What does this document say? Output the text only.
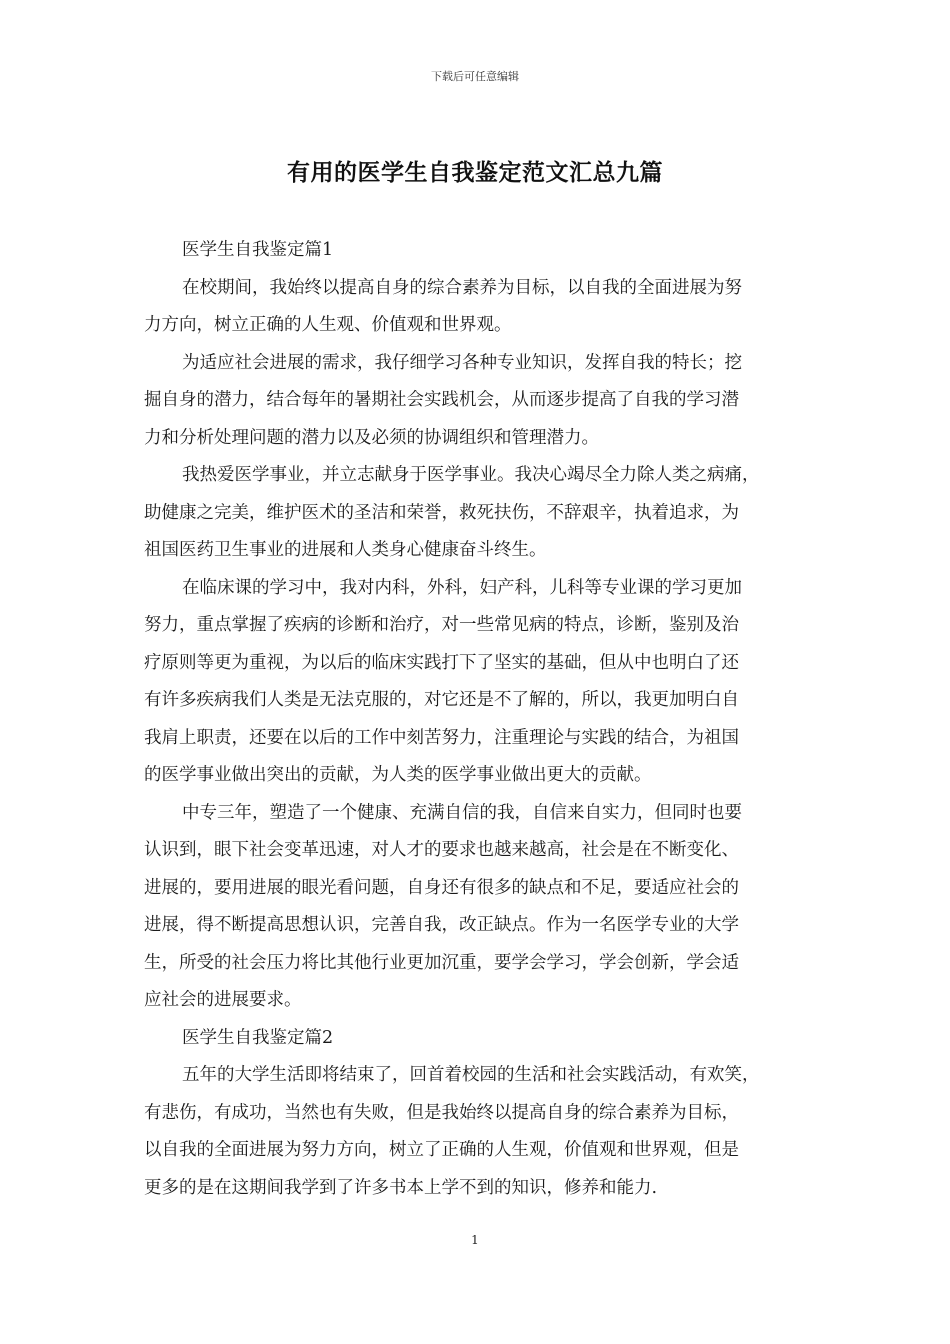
下载后可任意编辑
有用的医学生自我鉴定范文汇总九篇
医学生自我鉴定篇1
在校期间，我始终以提高自身的综合素养为目标，以自我的全面进展为努
力方向，树立正确的人生观、价值观和世界观。
为适应社会进展的需求，我仔细学习各种专业知识，发挥自我的特长；挖
掘自身的潜力，结合每年的暑期社会实践机会，从而逐步提高了自我的学习潜
力和分析处理问题的潜力以及必须的协调组织和管理潜力。
我热爱医学事业，并立志献身于医学事业。我决心竭尽全力除人类之病痛，
助健康之完美，维护医术的圣洁和荣誉，救死扶伤，不辞艰辛，执着追求，为
祖国医药卫生事业的进展和人类身心健康奋斗终生。
在临床课的学习中，我对内科，外科，妇产科，儿科等专业课的学习更加
努力，重点掌握了疾病的诊断和治疗，对一些常见病的特点，诊断，鉴别及治
疗原则等更为重视，为以后的临床实践打下了坚实的基础，但从中也明白了还
有许多疾病我们人类是无法克服的，对它还是不了解的，所以，我更加明白自
我肩上职责，还要在以后的工作中刻苦努力，注重理论与实践的结合，为祖国
的医学事业做出突出的贡献，为人类的医学事业做出更大的贡献。
中专三年，塑造了一个健康、充满自信的我，自信来自实力，但同时也要
认识到，眼下社会变革迅速，对人才的要求也越来越高，社会是在不断变化、
进展的，要用进展的眼光看问题，自身还有很多的缺点和不足，要适应社会的
进展，得不断提高思想认识，完善自我，改正缺点。作为一名医学专业的大学
生，所受的社会压力将比其他行业更加沉重，要学会学习，学会创新，学会适
应社会的进展要求。
医学生自我鉴定篇2
五年的大学生活即将结束了，回首着校园的生活和社会实践活动，有欢笑，
有悲伤，有成功，当然也有失败，但是我始终以提高自身的综合素养为目标，
以自我的全面进展为努力方向，树立了正确的人生观，价值观和世界观，但是
更多的是在这期间我学到了许多书本上学不到的知识，修养和能力.
1
